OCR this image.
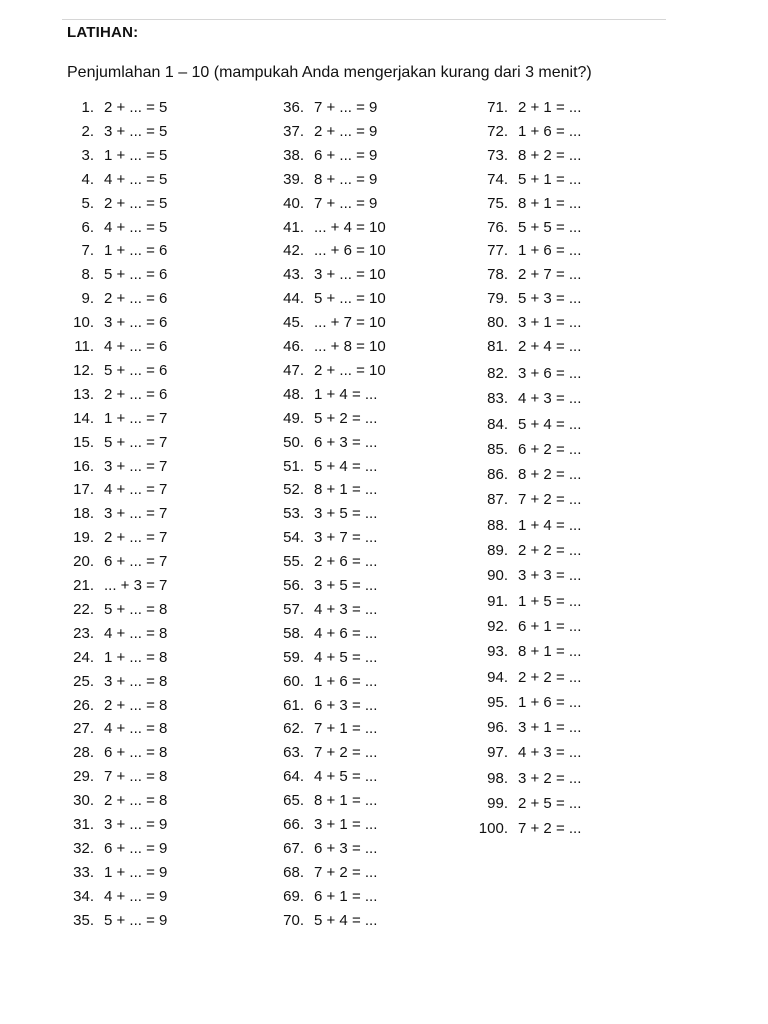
LATIHAN:
Penjumlahan 1 – 10 (mampukah Anda mengerjakan kurang dari 3 menit?)
1. 2 + ... = 5
2. 3 + ... = 5
3. 1 + ... = 5
4. 4 + ... = 5
5. 2 + ... = 5
6. 4 + ... = 5
7. 1 + ... = 6
8. 5 + ... = 6
9. 2 + ... = 6
10. 3 + ... = 6
11. 4 + ... = 6
12. 5 + ... = 6
13. 2 + ... = 6
14. 1 + ... = 7
15. 5 + ... = 7
16. 3 + ... = 7
17. 4 + ... = 7
18. 3 + ... = 7
19. 2 + ... = 7
20. 6 + ... = 7
21. ... + 3 = 7
22. 5 + ... = 8
23. 4 + ... = 8
24. 1 + ... = 8
25. 3 + ... = 8
26. 2 + ... = 8
27. 4 + ... = 8
28. 6 + ... = 8
29. 7 + ... = 8
30. 2 + ... = 8
31. 3 + ... = 9
32. 6 + ... = 9
33. 1 + ... = 9
34. 4 + ... = 9
35. 5 + ... = 9
36. 7 + ... = 9
37. 2 + ... = 9
38. 6 + ... = 9
39. 8 + ... = 9
40. 7 + ... = 9
41. ... + 4 = 10
42. ... + 6 = 10
43. 3 + ... = 10
44. 5 + ... = 10
45. ... + 7 = 10
46. ... + 8 = 10
47. 2 + ... = 10
48. 1 + 4 = ...
49. 5 + 2 = ...
50. 6 + 3 = ...
51. 5 + 4 = ...
52. 8 + 1 = ...
53. 3 + 5 = ...
54. 3 + 7 = ...
55. 2 + 6 = ...
56. 3 + 5 = ...
57. 4 + 3 = ...
58. 4 + 6 = ...
59. 4 + 5 = ...
60. 1 + 6 = ...
61. 6 + 3 = ...
62. 7 + 1 = ...
63. 7 + 2 = ...
64. 4 + 5 = ...
65. 8 + 1 = ...
66. 3 + 1 = ...
67. 6 + 3 = ...
68. 7 + 2 = ...
69. 6 + 1 = ...
70. 5 + 4 = ...
71. 2 + 1 = ...
72. 1 + 6 = ...
73. 8 + 2 = ...
74. 5 + 1 = ...
75. 8 + 1 = ...
76. 5 + 5 = ...
77. 1 + 6 = ...
78. 2 + 7 = ...
79. 5 + 3 = ...
80. 3 + 1 = ...
81. 2 + 4 = ...
82. 3 + 6 = ...
83. 4 + 3 = ...
84. 5 + 4 = ...
85. 6 + 2 = ...
86. 8 + 2 = ...
87. 7 + 2 = ...
88. 1 + 4 = ...
89. 2 + 2 = ...
90. 3 + 3 = ...
91. 1 + 5 = ...
92. 6 + 1 = ...
93. 8 + 1 = ...
94. 2 + 2 = ...
95. 1 + 6 = ...
96. 3 + 1 = ...
97. 4 + 3 = ...
98. 3 + 2 = ...
99. 2 + 5 = ...
100. 7 + 2 = ...
